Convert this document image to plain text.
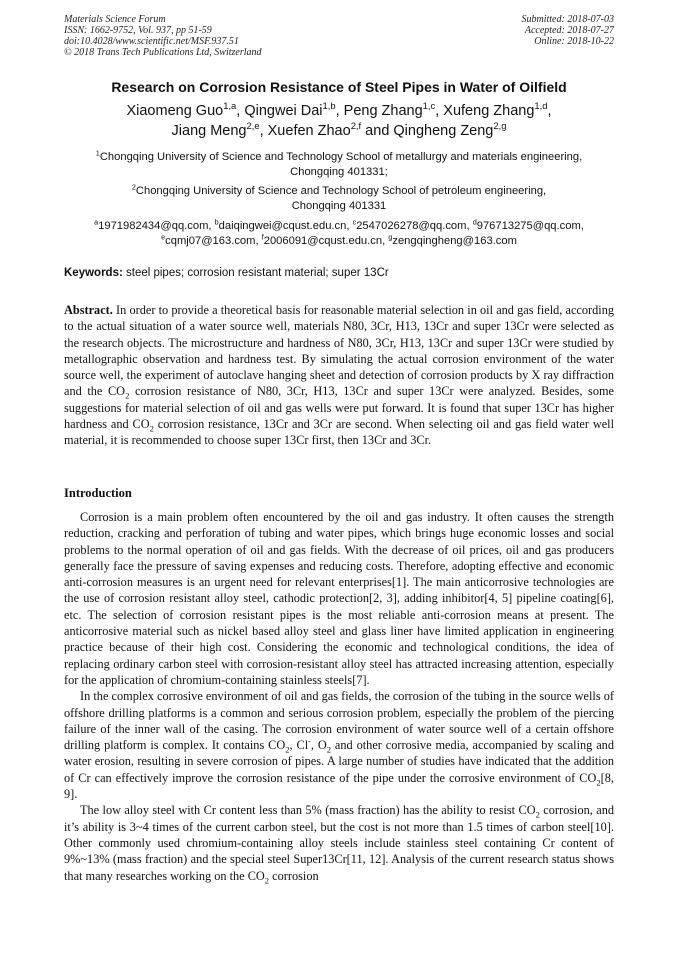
Materials Science Forum
ISSN: 1662-9752, Vol. 937, pp 51-59
doi:10.4028/www.scientific.net/MSF.937.51
© 2018 Trans Tech Publications Ltd, Switzerland
Submitted: 2018-07-03
Accepted: 2018-07-27
Online: 2018-10-22
Research on Corrosion Resistance of Steel Pipes in Water of Oilfield
Xiaomeng Guo$^{1,a}$, Qingwei Dai$^{1,b}$, Peng Zhang$^{1,c}$, Xufeng Zhang$^{1,d}$,
Jiang Meng$^{2,e}$, Xuefen Zhao$^{2,f}$ and Qingheng Zeng$^{2,g}$
$^1$Chongqing University of Science and Technology School of metallurgy and materials engineering,
Chongqing 401331;
$^2$Chongqing University of Science and Technology School of petroleum engineering,
Chongqing 401331
$^a$1971982434@qq.com, $^b$daiqingwei@cqust.edu.cn, $^c$2547026278@qq.com, $^d$976713275@qq.com,
$^e$cqmj07@163.com, $^f$2006091@cqust.edu.cn, $^g$zengqingheng@163.com
Keywords: steel pipes; corrosion resistant material; super 13Cr
Abstract. In order to provide a theoretical basis for reasonable material selection in oil and gas field, according to the actual situation of a water source well, materials N80, 3Cr, H13, 13Cr and super 13Cr were selected as the research objects. The microstructure and hardness of N80, 3Cr, H13, 13Cr and super 13Cr were studied by metallographic observation and hardness test. By simulating the actual corrosion environment of the water source well, the experiment of autoclave hanging sheet and detection of corrosion products by X ray diffraction and the $CO_2$ corrosion resistance of N80, 3Cr, H13, 13Cr and super 13Cr were analyzed. Besides, some suggestions for material selection of oil and gas wells were put forward. It is found that super 13Cr has higher hardness and $CO_2$ corrosion resistance, 13Cr and 3Cr are second. When selecting oil and gas field water well material, it is recommended to choose super 13Cr first, then 13Cr and 3Cr.
Introduction

Corrosion is a main problem often encountered by the oil and gas industry. It often causes the strength reduction, cracking and perforation of tubing and water pipes, which brings huge economic losses and social problems to the normal operation of oil and gas fields. With the decrease of oil prices, oil and gas producers generally face the pressure of saving expenses and reducing costs. Therefore, adopting effective and economic anti-corrosion measures is an urgent need for relevant enterprises[1]. The main anticorrosive technologies are the use of corrosion resistant alloy steel, cathodic protection[2, 3], adding inhibitor[4, 5] pipeline coating[6], etc. The selection of corrosion resistant pipes is the most reliable anti-corrosion means at present. The anticorrosive material such as nickel based alloy steel and glass liner have limited application in engineering practice because of their high cost. Considering the economic and technological conditions, the idea of replacing ordinary carbon steel with corrosion-resistant alloy steel has attracted increasing attention, especially for the application of chromium-containing stainless steels[7].

In the complex corrosive environment of oil and gas fields, the corrosion of the tubing in the source wells of offshore drilling platforms is a common and serious corrosion problem, especially the problem of the piercing failure of the inner wall of the casing. The corrosion environment of water source well of a certain offshore drilling platform is complex. It contains $CO_2$, Cl-, $O_2$ and other corrosive media, accompanied by scaling and water erosion, resulting in severe corrosion of pipes. A large number of studies have indicated that the addition of Cr can effectively improve the corrosion resistance of the pipe under the corrosive environment of $CO_2[8$, 9].

The low alloy steel with Cr content less than 5% (mass fraction) has the ability to resist $CO_2$ corrosion, and it’s ability is 3~4 times of the current carbon steel, but the cost is not more than 1.5 times of carbon steel[10]. Other commonly used chromium-containing alloy steels include stainless steel containing Cr content of 9%~13% (mass fraction) and the special steel Super13Cr[11, 12]. Analysis of the current research status shows that many researches working on the $CO_2$ corrosion
